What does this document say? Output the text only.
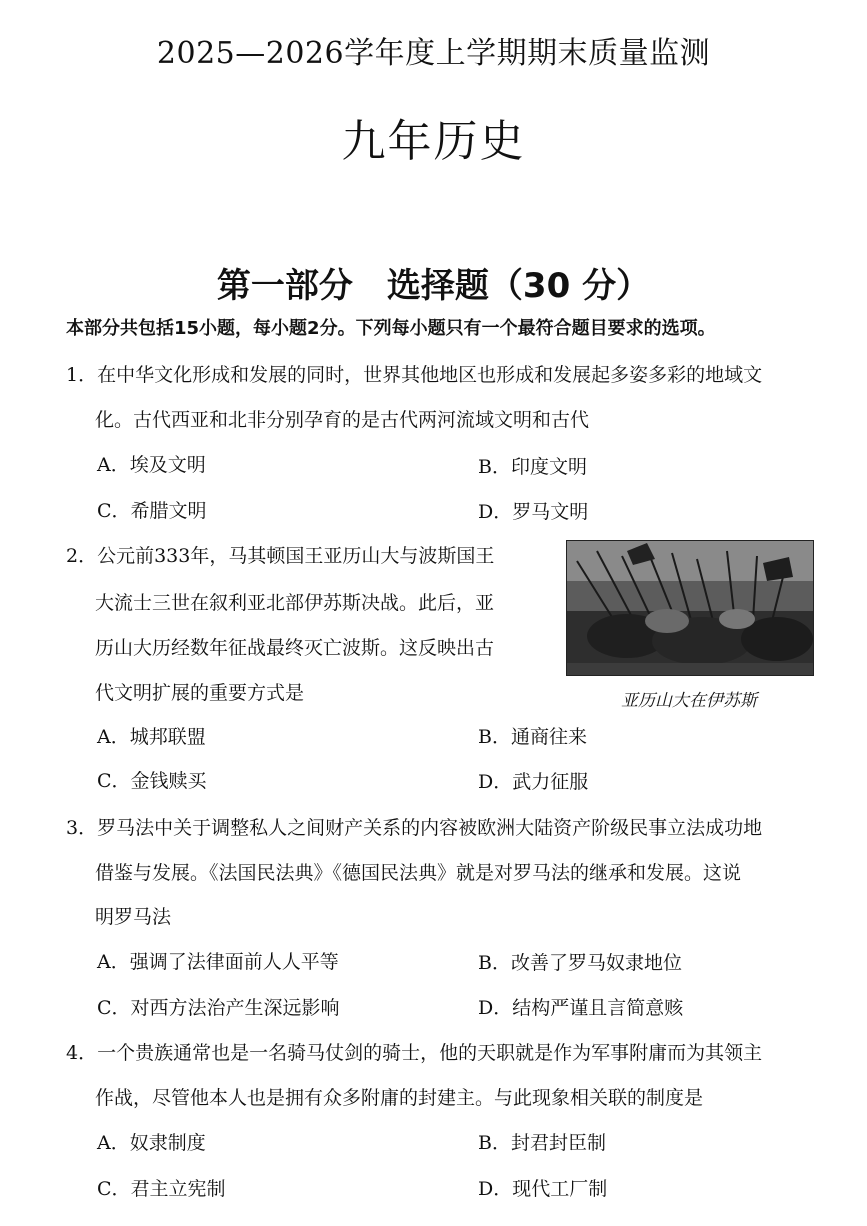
2025—2026学年度上学期期末质量监测
九年历史
第一部分　选择题（30 分）
本部分共包括15小题，每小题2分。下列每小题只有一个最符合题目要求的选项。
1．在中华文化形成和发展的同时，世界其他地区也形成和发展起多姿多彩的地域文
化。古代西亚和北非分别孕育的是古代两河流域文明和古代
A．埃及文明	B．印度文明
C．希腊文明	D．罗马文明
2．公元前333年，马其顿国王亚历山大与波斯国王
大流士三世在叙利亚北部伊苏斯决战。此后，亚
历山大历经数年征战最终灭亡波斯。这反映出古
代文明扩展的重要方式是	亚历山大在伊苏斯
A．城邦联盟	B．通商往来
C．金钱赎买	D．武力征服
3．罗马法中关于调整私人之间财产关系的内容被欧洲大陆资产阶级民事立法成功地
借鉴与发展。《法国民法典》《德国民法典》就是对罗马法的继承和发展。这说
明罗马法
A．强调了法律面前人人平等	B．改善了罗马奴隶地位
C．对西方法治产生深远影响	D．结构严谨且言简意赅
4．一个贵族通常也是一名骑马仗剑的骑士，他的天职就是作为军事附庸而为其领主
作战，尽管他本人也是拥有众多附庸的封建主。与此现象相关联的制度是
A．奴隶制度	B．封君封臣制
C．君主立宪制	D．现代工厂制
